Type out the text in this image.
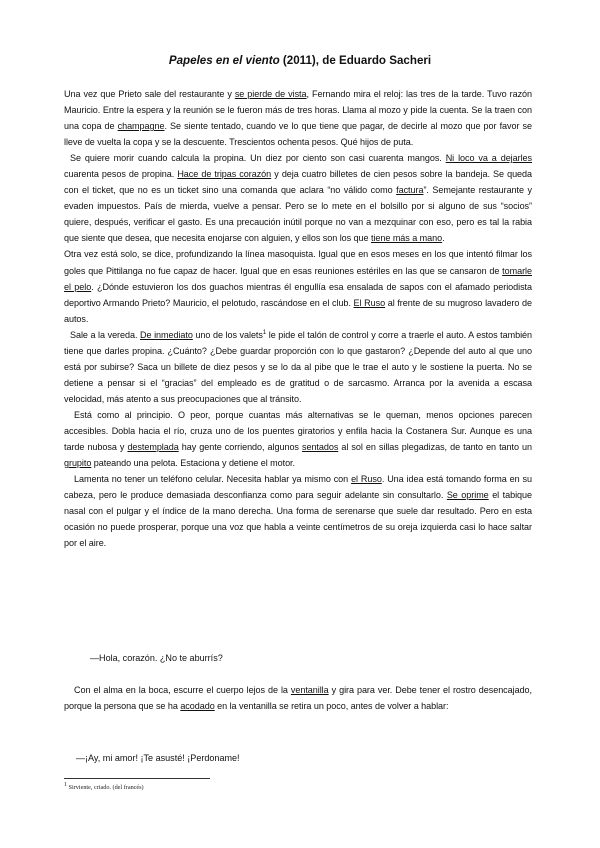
Papeles en el viento (2011), de Eduardo Sacheri

Una vez que Prieto sale del restaurante y se pierde de vista, Fernando mira el reloj: las tres de la tarde. Tuvo razón Mauricio. Entre la espera y la reunión se le fueron más de tres horas. Llama al mozo y pide la cuenta. Se la traen con una copa de champagne. Se siente tentado, cuando ve lo que tiene que pagar, de decirle al mozo que por favor se lleve de vuelta la copa y se la descuente. Trescientos ochenta pesos. Qué hijos de puta.

Se quiere morir cuando calcula la propina. Un diez por ciento son casi cuarenta mangos. Ni loco va a dejarles cuarenta pesos de propina. Hace de tripas corazón y deja cuatro billetes de cien pesos sobre la bandeja. Se queda con el ticket, que no es un ticket sino una comanda que aclara “no válido como factura”. Semejante restaurante y evaden impuestos. País de mierda, vuelve a pensar. Pero se lo mete en el bolsillo por si alguno de sus “socios” quiere, después, verificar el gasto. Es una precaución inútil porque no van a mezquinar con eso, pero es tal la rabia que siente que desea, que necesita enojarse con alguien, y ellos son los que tiene más a mano.

Otra vez está solo, se dice, profundizando la línea masoquista. Igual que en esos meses en los que intentó filmar los goles que Pittilanga no fue capaz de hacer. Igual que en esas reuniones estériles en las que se cansaron de tomarle el pelo. ¿Dónde estuvieron los dos guachos mientras él engullía esa ensalada de sapos con el afamado periodista deportivo Armando Prieto? Mauricio, el pelotudo, rascándose en el club. El Ruso al frente de su mugroso lavadero de autos.

Sale a la vereda. De inmediato uno de los valets$^1$ le pide el talón de control y corre a traerle el auto. A estos también tiene que darles propina. ¿Cuánto? ¿Debe guardar proporción con lo que gastaron? ¿Depende del auto al que uno está por subirse? Saca un billete de diez pesos y se lo da al pibe que le trae el auto y le sostiene la puerta. No se detiene a pensar si el “gracias” del empleado es de gratitud o de sarcasmo. Arranca por la avenida a escasa velocidad, más atento a sus preocupaciones que al tránsito.

Está como al principio. O peor, porque cuantas más alternativas se le queman, menos opciones parecen accesibles. Dobla hacia el río, cruza uno de los puentes giratorios y enfila hacia la Costanera Sur. Aunque es una tarde nubosa y destemplada hay gente corriendo, algunos sentados al sol en sillas plegadizas, de tanto en tanto un grupito pateando una pelota. Estaciona y detiene el motor.

Lamenta no tener un teléfono celular. Necesita hablar ya mismo con el Ruso. Una idea está tomando forma en su cabeza, pero le produce demasiada desconfianza como para seguir adelante sin consultarlo. Se oprime el tabique nasal con el pulgar y el índice de la mano derecha. Una forma de serenarse que suele dar resultado. Pero en esta ocasión no puede prosperar, porque una voz que habla a veinte centímetros de su oreja izquierda casi lo hace saltar por el aire.

—Hola, corazón. ¿No te aburrís?
Con el alma en la boca, escurre el cuerpo lejos de la ventanilla y gira para ver. Debe tener el rostro desencajado, porque la persona que se ha acodado en la ventanilla se retira un poco, antes de volver a hablar:
—¡Ay, mi amor! ¡Te asusté! ¡Perdoname!
$^1$ Sirviente, criado. (del francés)
